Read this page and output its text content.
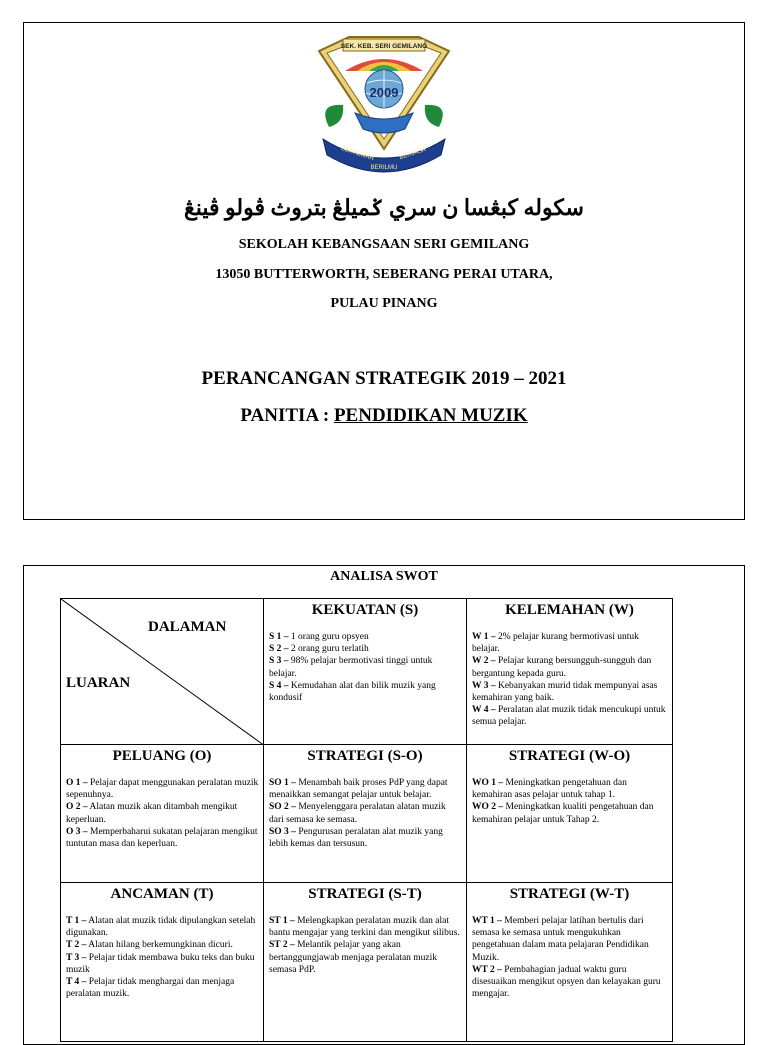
SEK. KEB. SERI GEMILANG
2009
BERHEMAH	BERJASA
BERILMU
سکوله کبڠسا ن سري ݢميلڠ بتروث ڤولو ڤينڠ
SEKOLAH KEBANGSAAN SERI GEMILANG
13050 BUTTERWORTH, SEBERANG PERAI UTARA,
PULAU PINANG
PERANCANGAN STRATEGIK 2019 – 2021
PANITIA : PENDIDIKAN MUZIK
ANALISA SWOT
DALAMAN
LUARAN
KEKUATAN (S)
S 1 – 1 orang guru opsyen
S 2 – 2 orang guru terlatih
S 3 – 98% pelajar bermotivasi tinggi untuk belajar.
S 4 – Kemudahan alat dan bilik muzik yang kondusif
KELEMAHAN (W)
W 1 – 2% pelajar kurang bermotivasi untuk belajar.
W 2 – Pelajar kurang bersungguh-sungguh dan bergantung kepada guru.
W 3 – Kebanyakan murid tidak mempunyai asas kemahiran yang baik.
W 4 – Peralatan alat muzik tidak mencukupi untuk semua pelajar.
PELUANG (O)
O 1 – Pelajar dapat menggunakan peralatan muzik sepenuhnya.
O 2 – Alatan muzik akan ditambah mengikut keperluan.
O 3 – Memperbaharui sukatan pelajaran mengikut tuntutan masa dan keperluan.
STRATEGI (S-O)
SO 1 – Menambah baik proses PdP yang dapat menaikkan semangat pelajar untuk belajar.
SO 2 – Menyelenggara peralatan alatan muzik dari semasa ke semasa.
SO 3 – Pengurusan peralatan alat muzik yang lebih kemas dan tersusun.
STRATEGI (W-O)
WO 1 – Meningkatkan pengetahuan dan kemahiran asas pelajar untuk tahap 1.
WO 2 – Meningkatkan kualiti pengetahuan dan kemahiran pelajar untuk Tahap 2.
ANCAMAN (T)
T 1 – Alatan alat muzik tidak dipulangkan setelah digunakan.
T 2 – Alatan hilang berkemungkinan dicuri.
T 3 – Pelajar tidak membawa buku teks dan buku muzik
T 4 – Pelajar tidak menghargai dan menjaga peralatan muzik.
STRATEGI (S-T)
ST 1 – Melengkapkan peralatan muzik dan alat bantu mengajar yang terkini dan mengikut silibus.
ST 2 – Melantik pelajar yang akan bertanggungjawab menjaga peralatan muzik semasa PdP.
STRATEGI (W-T)
WT 1 – Memberi pelajar latihan bertulis dari semasa ke semasa untuk mengukuhkan pengetahuan dalam mata pelajaran Pendidikan Muzik.
WT 2 – Pembahagian jadual waktu guru disesuaikan mengikut opsyen dan kelayakan guru mengajar.
